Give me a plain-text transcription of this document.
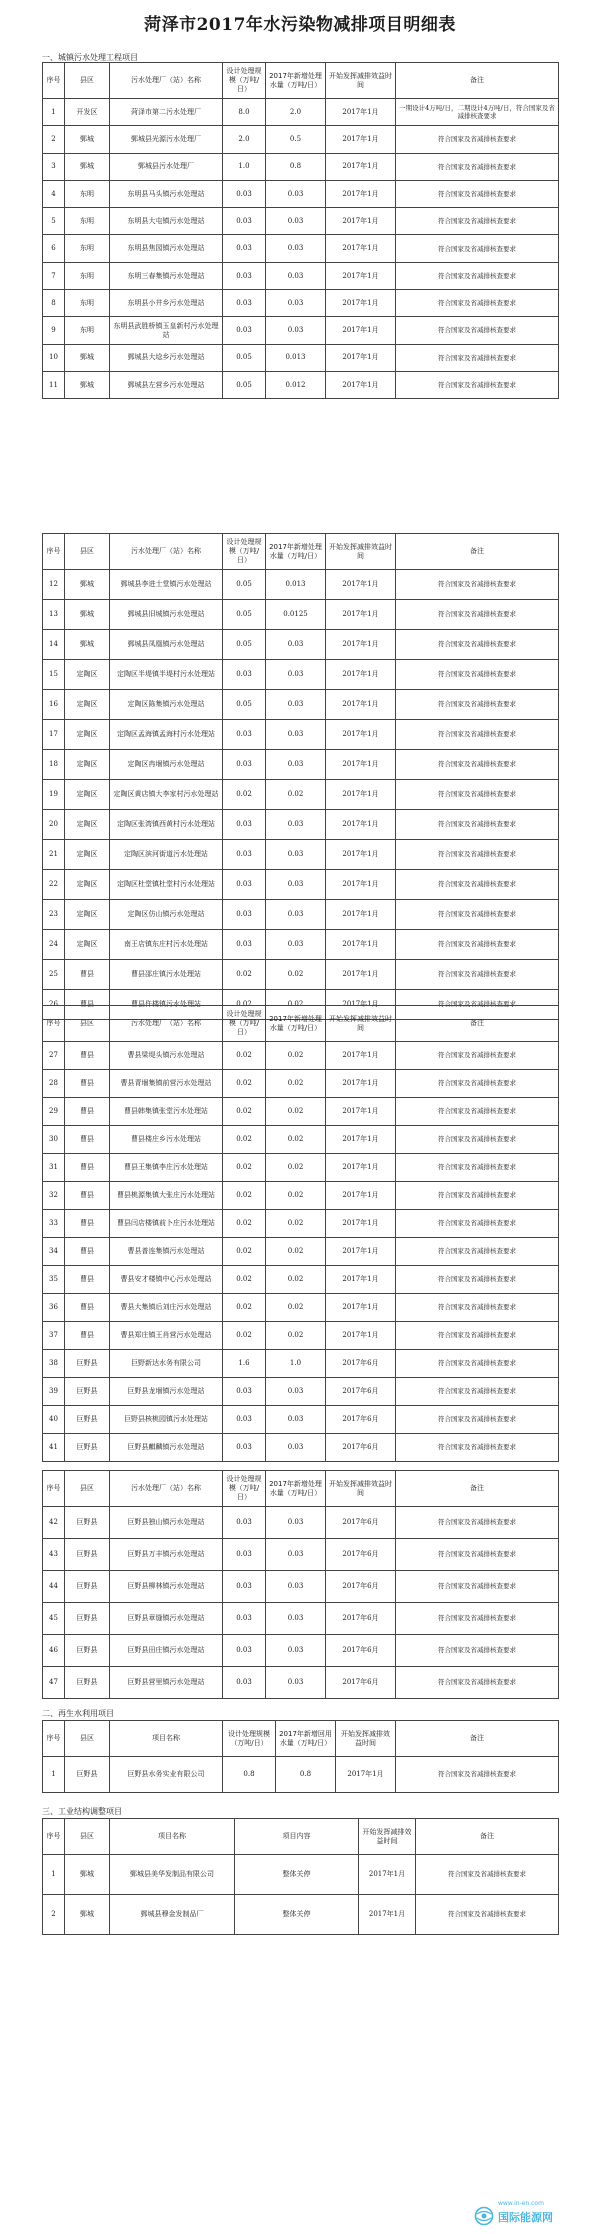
菏泽市2017年水污染物减排项目明细表
一、城镇污水处理工程项目
序号	县区	污水处理厂（站）名称	设计处理规模（万吨/日）	2017年新增处理水量（万吨/日）	开始发挥减排效益时间	备注
1	开发区	菏泽市第二污水处理厂	8.0	2.0	2017年1月	一期设计4万吨/日，二期设计4万吨/日，符合国家及省减排核查要求
2	鄄城	鄄城县光源污水处理厂	2.0	0.5	2017年1月	符合国家及省减排核查要求
3	鄄城	鄄城县污水处理厂	1.0	0.8	2017年1月	符合国家及省减排核查要求
4	东明	东明县马头镇污水处理站	0.03	0.03	2017年1月	符合国家及省减排核查要求
5	东明	东明县大屯镇污水处理站	0.03	0.03	2017年1月	符合国家及省减排核查要求
6	东明	东明县焦园镇污水处理站	0.03	0.03	2017年1月	符合国家及省减排核查要求
7	东明	东明三春集镇污水处理站	0.03	0.03	2017年1月	符合国家及省减排核查要求
8	东明	东明县小井乡污水处理站	0.03	0.03	2017年1月	符合国家及省减排核查要求
9	东明	东明县武胜桥镇玉皇新村污水处理站	0.03	0.03	2017年1月	符合国家及省减排核查要求
10	鄄城	鄄城县大埝乡污水处理站	0.05	0.013	2017年1月	符合国家及省减排核查要求
11	鄄城	鄄城县左营乡污水处理站	0.05	0.012	2017年1月	符合国家及省减排核查要求
序号	县区	污水处理厂（站）名称	设计处理规模（万吨/日）	2017年新增处理水量（万吨/日）	开始发挥减排效益时间	备注
12	鄄城	鄄城县李进士堂镇污水处理站	0.05	0.013	2017年1月	符合国家及省减排核查要求
13	鄄城	鄄城县旧城镇污水处理站	0.05	0.0125	2017年1月	符合国家及省减排核查要求
14	鄄城	鄄城县凤凰镇污水处理站	0.05	0.03	2017年1月	符合国家及省减排核查要求
15	定陶区	定陶区半堤镇半堤村污水处理站	0.03	0.03	2017年1月	符合国家及省减排核查要求
16	定陶区	定陶区陈集镇污水处理站	0.05	0.03	2017年1月	符合国家及省减排核查要求
17	定陶区	定陶区孟海镇孟海村污水处理站	0.03	0.03	2017年1月	符合国家及省减排核查要求
18	定陶区	定陶区冉堌镇污水处理站	0.03	0.03	2017年1月	符合国家及省减排核查要求
19	定陶区	定陶区黄店镇大李家村污水处理站	0.02	0.02	2017年1月	符合国家及省减排核查要求
20	定陶区	定陶区张湾镇西黄村污水处理站	0.03	0.03	2017年1月	符合国家及省减排核查要求
21	定陶区	定陶区滨河街道污水处理站	0.03	0.03	2017年1月	符合国家及省减排核查要求
22	定陶区	定陶区杜堂镇杜堂村污水处理站	0.03	0.03	2017年1月	符合国家及省减排核查要求
23	定陶区	定陶区仿山镇污水处理站	0.03	0.03	2017年1月	符合国家及省减排核查要求
24	定陶区	南王店镇东庄村污水处理站	0.03	0.03	2017年1月	符合国家及省减排核查要求
25	曹县	曹县邵庄镇污水处理站	0.02	0.02	2017年1月	符合国家及省减排核查要求
26	曹县	曹县仵楼镇污水处理站	0.02	0.02	2017年1月	符合国家及省减排核查要求
序号	县区	污水处理厂（站）名称	设计处理规模（万吨/日）	2017年新增处理水量（万吨/日）	开始发挥减排效益时间	备注
27	曹县	曹县梁堤头镇污水处理站	0.02	0.02	2017年1月	符合国家及省减排核查要求
28	曹县	曹县青堌集镇前营污水处理站	0.02	0.02	2017年1月	符合国家及省减排核查要求
29	曹县	曹县韩集镇张堂污水处理站	0.02	0.02	2017年1月	符合国家及省减排核查要求
30	曹县	曹县楼庄乡污水处理站	0.02	0.02	2017年1月	符合国家及省减排核查要求
31	曹县	曹县王集镇李庄污水处理站	0.02	0.02	2017年1月	符合国家及省减排核查要求
32	曹县	曹县桃源集镇大张庄污水处理站	0.02	0.02	2017年1月	符合国家及省减排核查要求
33	曹县	曹县闫店楼镇前卜庄污水处理站	0.02	0.02	2017年1月	符合国家及省减排核查要求
34	曹县	曹县普连集镇污水处理站	0.02	0.02	2017年1月	符合国家及省减排核查要求
35	曹县	曹县安才楼镇中心污水处理站	0.02	0.02	2017年1月	符合国家及省减排核查要求
36	曹县	曹县大集镇后刘庄污水处理站	0.02	0.02	2017年1月	符合国家及省减排核查要求
37	曹县	曹县郑庄镇王肖营污水处理站	0.02	0.02	2017年1月	符合国家及省减排核查要求
38	巨野县	巨野新达水务有限公司	1.6	1.0	2017年6月	符合国家及省减排核查要求
39	巨野县	巨野县龙堌镇污水处理站	0.03	0.03	2017年6月	符合国家及省减排核查要求
40	巨野县	巨野县核桃园镇污水处理站	0.03	0.03	2017年6月	符合国家及省减排核查要求
41	巨野县	巨野县麒麟镇污水处理站	0.03	0.03	2017年6月	符合国家及省减排核查要求
序号	县区	污水处理厂（站）名称	设计处理规模（万吨/日）	2017年新增处理水量（万吨/日）	开始发挥减排效益时间	备注
42	巨野县	巨野县独山镇污水处理站	0.03	0.03	2017年6月	符合国家及省减排核查要求
43	巨野县	巨野县万丰镇污水处理站	0.03	0.03	2017年6月	符合国家及省减排核查要求
44	巨野县	巨野县柳林镇污水处理站	0.03	0.03	2017年6月	符合国家及省减排核查要求
45	巨野县	巨野县章缝镇污水处理站	0.03	0.03	2017年6月	符合国家及省减排核查要求
46	巨野县	巨野县田庄镇污水处理站	0.03	0.03	2017年6月	符合国家及省减排核查要求
47	巨野县	巨野县营里镇污水处理站	0.03	0.03	2017年6月	符合国家及省减排核查要求
二、再生水利用项目
序号	县区	项目名称	设计处理规模（万吨/日）	2017年新增回用水量（万吨/日）	开始发挥减排效益时间	备注
1	巨野县	巨野县水务实业有限公司	0.8	0.8	2017年1月	符合国家及省减排核查要求
三、工业结构调整项目
序号	县区	项目名称	项目内容	开始发挥减排效益时间	备注
1	鄄城	鄄城县美华发制品有限公司	整体关停	2017年1月	符合国家及省减排核查要求
2	鄄城	鄄城县穆金发制品厂	整体关停	2017年1月	符合国家及省减排核查要求
www.in-en.com
国际能源网
